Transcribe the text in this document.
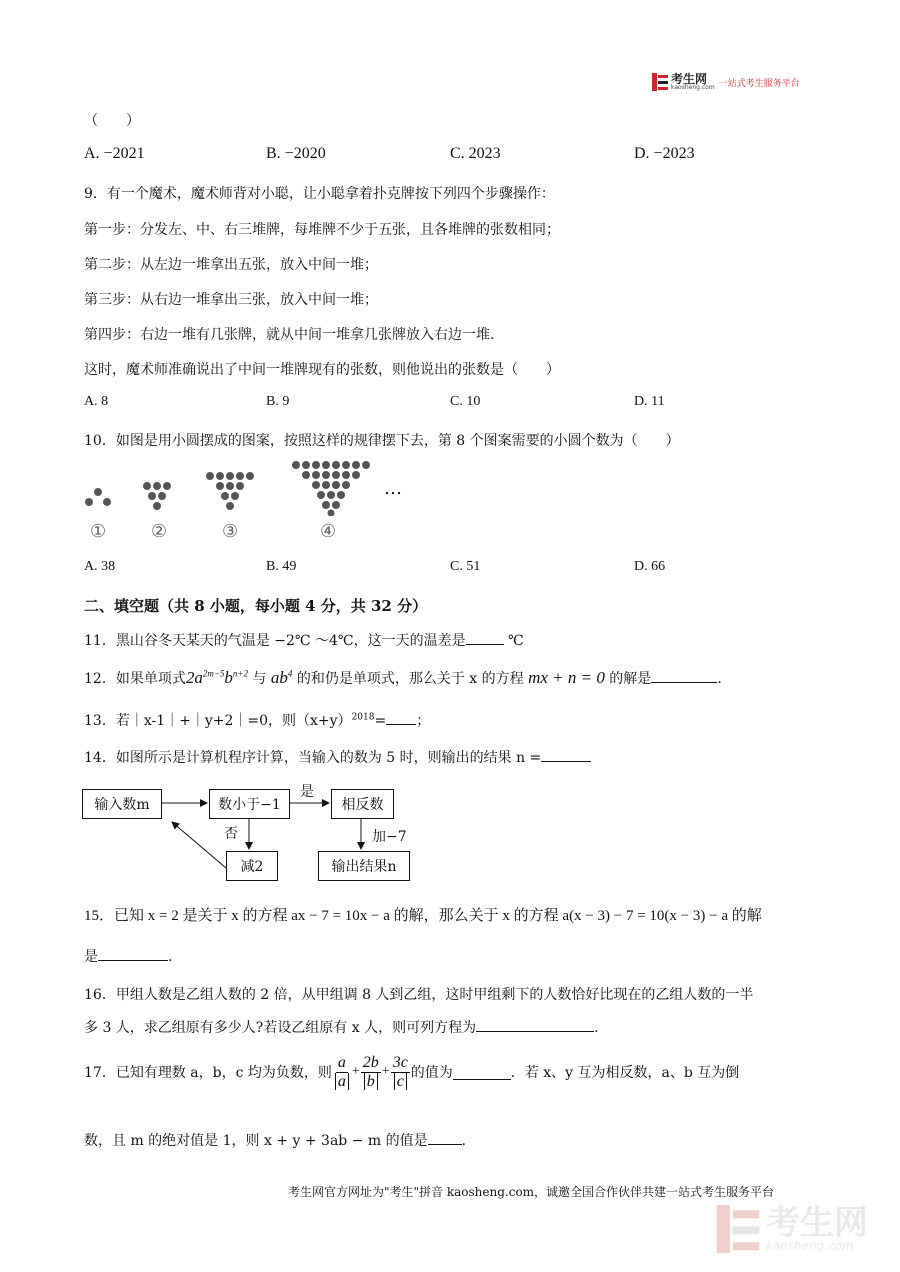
考生网
kaosheng.com 一站式考生服务平台
（　　）
A. −2021	B. −2020	C. 2023	D. −2023
9．有一个魔术，魔术师背对小聪，让小聪拿着扑克牌按下列四个步骤操作：
第一步：分发左、中、右三堆牌，每堆牌不少于五张，且各堆牌的张数相同；
第二步：从左边一堆拿出五张，放入中间一堆；
第三步：从右边一堆拿出三张，放入中间一堆；
第四步：右边一堆有几张牌，就从中间一堆拿几张牌放入右边一堆.
这时，魔术师准确说出了中间一堆牌现有的张数，则他说出的张数是（　　）
A. 8	B. 9	C. 10	D. 11
10．如图是用小圆摆成的图案，按照这样的规律摆下去，第 8 个图案需要的小圆个数为（　　）
…
① ②	③	④
A. 38	B. 49	C. 51	D. 66
二、填空题（共 8 小题，每小题 4 分，共 32 分）
11．黑山谷冬天某天的气温是 −2℃ ～4℃，这一天的温差是	℃
12．如果单项式$2a^{2m-5}b^{n+2}$ 与 $ab^4$ 的和仍是单项式，那么关于 x 的方程 mx + n = 0 的解是	.
13．若｜x-1｜+｜y+2｜=0，则$(x+y)^{2018}=$ ；
14．如图所示是计算机程序计算，当输入的数为 5 时，则输出的结果 n =
输入数m	数小于−1	相反数
减2	输出结果n
是
否	加−7
15．已知 x = 2 是关于 x 的方程 ax − 7 = 10x − a 的解，那么关于 x 的方程 a(x − 3) − 7 = 10(x − 3) − a 的解
是	.
16．甲组人数是乙组人数的 2 倍，从甲组调 8 人到乙组，这时甲组剩下的人数恰好比现在的乙组人数的一半
多 3 人，求乙组原有多少人?若设乙组原有 x 人，则可列方程为	.
17．已知有理数 a，b，c 均为负数，则 $\frac{a}{a} + \frac{2b}{b} + \frac{3c}{c}$ 的值为	．若 x、y 互为相反数，a、b 互为倒
数，且 m 的绝对值是 1，则 x + y + 3ab − m 的值是 .
考生网官方网址为"考生"拼音 kaosheng.com，诚邀全国合作伙伴共建一站式考生服务平台
考生网
kaosheng.com
